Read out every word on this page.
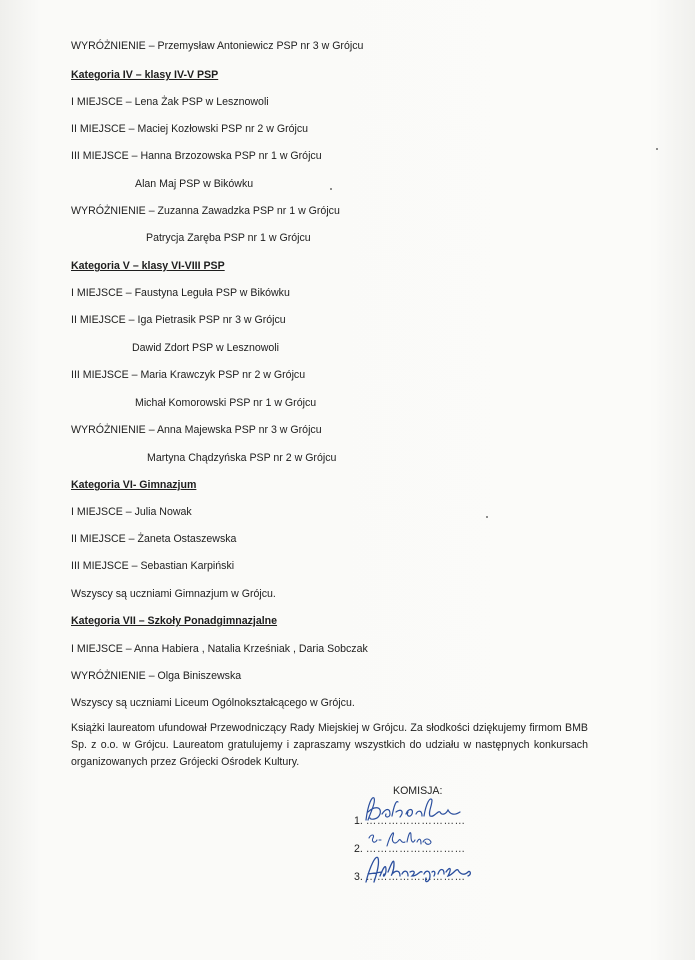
WYRÓŻNIENIE – Przemysław Antoniewicz PSP nr 3 w Grójcu
Kategoria IV – klasy IV-V PSP
I MIEJSCE – Lena Żak PSP w Lesznowoli
II MIEJSCE – Maciej Kozłowski PSP nr 2 w Grójcu
III MIEJSCE – Hanna Brzozowska PSP nr 1 w Grójcu
Alan Maj PSP w Bikówku
WYRÓŻNIENIE – Zuzanna Zawadzka PSP nr 1 w Grójcu
Patrycja Zaręba PSP nr 1 w Grójcu
Kategoria V – klasy VI-VIII PSP
I MIEJSCE – Faustyna Leguła PSP w Bikówku
II MIEJSCE – Iga Pietrasik PSP nr 3 w Grójcu
Dawid Zdort PSP w Lesznowoli
III MIEJSCE – Maria Krawczyk PSP nr 2 w Grójcu
Michał Komorowski PSP nr 1 w Grójcu
WYRÓŻNIENIE – Anna Majewska PSP nr 3 w Grójcu
Martyna Chądzyńska PSP nr 2 w Grójcu
Kategoria VI- Gimnazjum
I MIEJSCE – Julia Nowak
II MIEJSCE – Żaneta Ostaszewska
III MIEJSCE – Sebastian Karpiński
Wszyscy są uczniami Gimnazjum w Grójcu.
Kategoria VII – Szkoły Ponadgimnazjalne
I MIEJSCE – Anna Habiera , Natalia Krześniak , Daria Sobczak
WYRÓŻNIENIE – Olga Biniszewska
Wszyscy są uczniami Liceum Ogólnokształcącego w Grójcu.
Książki laureatom ufundował Przewodniczący Rady Miejskiej w Grójcu. Za słodkości dziękujemy firmom BMB Sp. z o.o. w Grójcu. Laureatom gratulujemy i zapraszamy wszystkich do udziału w następnych konkursach organizowanych przez Grójecki Ośrodek Kultury.
KOMISJA:
1. ………………………
2. ………………………
3. ………………………
